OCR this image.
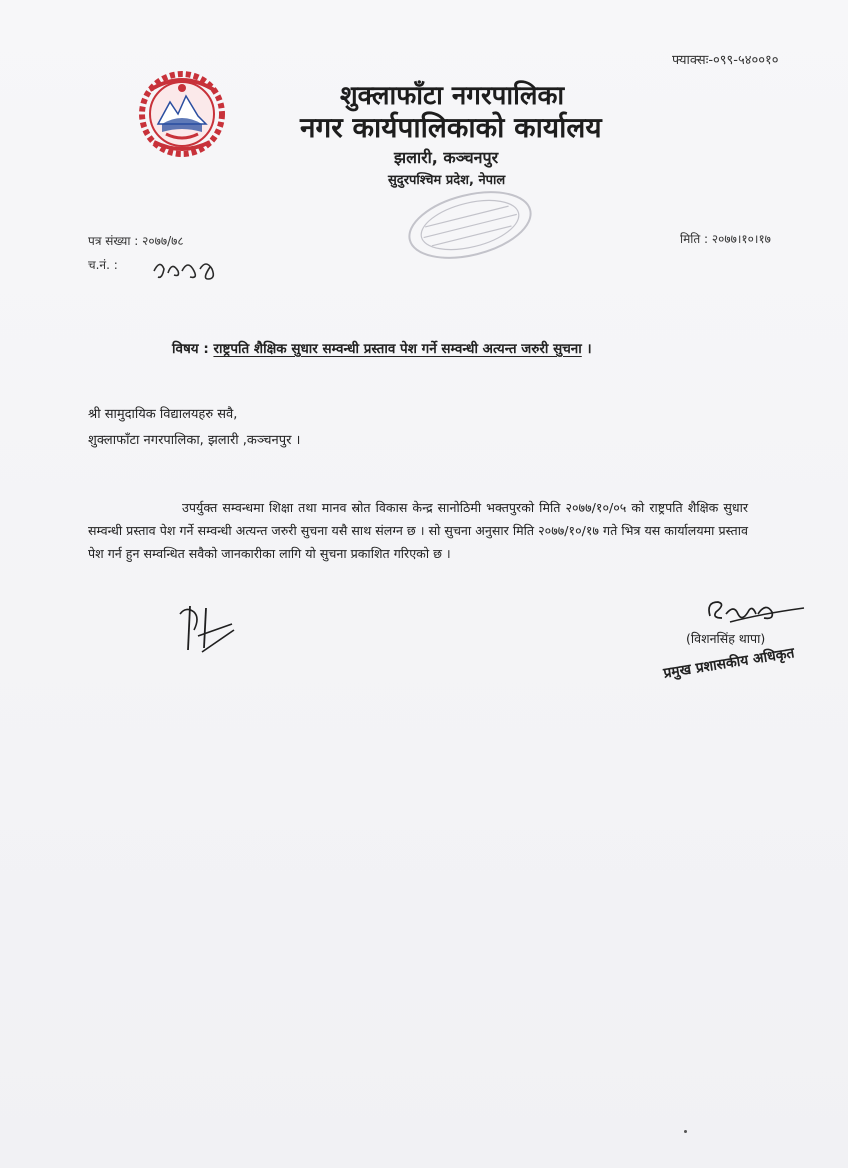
फ्याक्सः-०९९-५४००१०
शुक्लाफाँटा नगरपालिका
नगर कार्यपालिकाको कार्यालय
झलारी, कञ्चनपुर
सुदुरपश्चिम प्रदेश, नेपाल
पत्र संख्या : २०७७/७८
च.नं. :
मिति : २०७७।१०।१७
विषय : राष्ट्रपति शैक्षिक सुधार सम्वन्धी प्रस्ताव पेश गर्ने सम्वन्धी अत्यन्त जरुरी सुचना ।
श्री सामुदायिक विद्यालयहरु सवै,
शुक्लाफाँटा नगरपालिका, झलारी ,कञ्चनपुर ।
उपर्युक्त सम्वन्धमा शिक्षा तथा मानव स्रोत विकास केन्द्र सानोठिमी भक्तपुरको मिति २०७७/१०/०५ को राष्ट्रपति शैक्षिक सुधार सम्वन्धी प्रस्ताव पेश गर्ने सम्वन्धी अत्यन्त जरुरी सुचना यसै साथ संलग्न छ । सो सुचना अनुसार मिति २०७७/१०/१७ गते भित्र यस कार्यालयमा प्रस्ताव पेश गर्न हुन सम्वन्धित सवैको जानकारीका लागि यो सुचना प्रकाशित गरिएको छ ।
(विशनसिंह थापा)
प्रमुख प्रशासकीय अधिकृत
